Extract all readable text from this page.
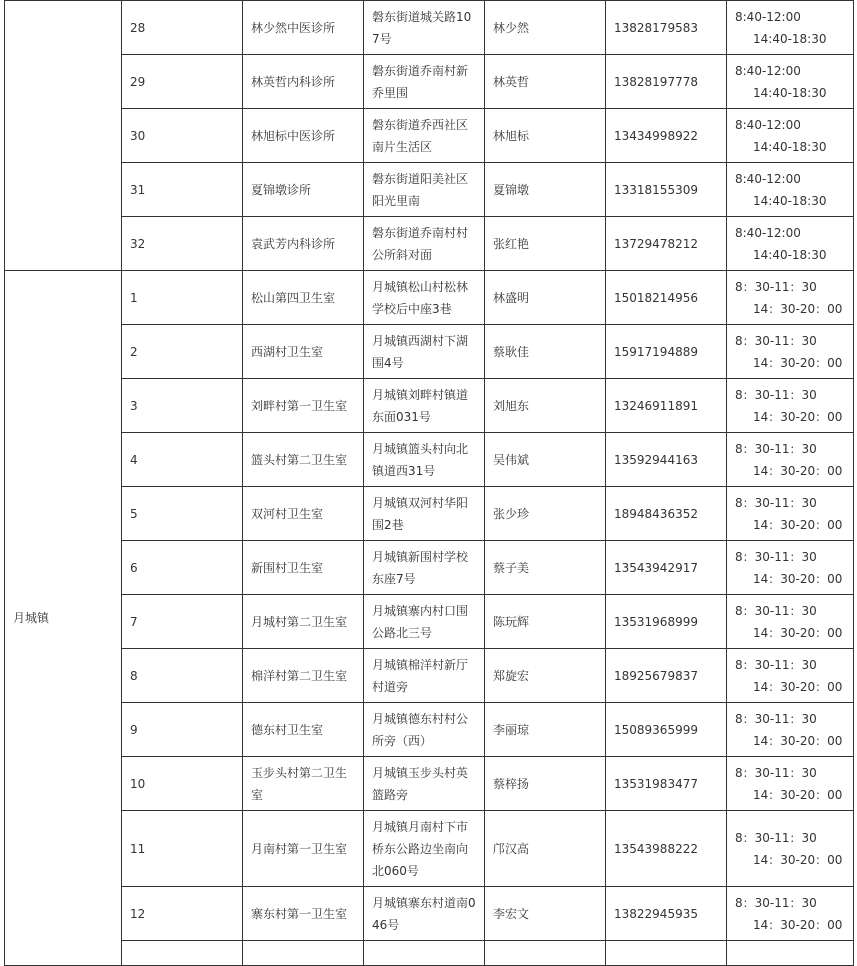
	28	林少然中医诊所	磐东街道城关路107号	林少然	13828179583	8:40-12:00
14:40-18:30

	29	林英哲内科诊所	磐东街道乔南村新乔里围	林英哲	13828197778	8:40-12:00
14:40-18:30

	30	林旭标中医诊所	磐东街道乔西社区南片生活区	林旭标	13434998922	8:40-12:00
14:40-18:30

	31	夏锦墩诊所	磐东街道阳美社区阳光里南	夏锦墩	13318155309	8:40-12:00
14:40-18:30

	32	袁武芳内科诊所	磐东街道乔南村村公所斜对面	张红艳	13729478212	8:40-12:00
14:40-18:30

月城镇	1	松山第四卫生室	月城镇松山村松林学校后中座3巷	林盛明	15018214956	8：30-11：30
14：30-20：00

	2	西湖村卫生室	月城镇西湖村下湖围4号	蔡耿佳	15917194889	8：30-11：30
14：30-20：00

	3	刘畔村第一卫生室	月城镇刘畔村镇道东面031号	刘旭东	13246911891	8：30-11：30
14：30-20：00

	4	篮头村第二卫生室	月城镇篮头村向北镇道西31号	吴伟斌	13592944163	8：30-11：30
14：30-20：00

	5	双河村卫生室	月城镇双河村华阳围2巷	张少珍	18948436352	8：30-11：30
14：30-20：00

	6	新围村卫生室	月城镇新围村学校东座7号	蔡子美	13543942917	8：30-11：30
14：30-20：00

	7	月城村第二卫生室	月城镇寨内村口围公路北三号	陈玩辉	13531968999	8：30-11：30
14：30-20：00

	8	棉洋村第二卫生室	月城镇棉洋村新厅村道旁	郑旋宏	18925679837	8：30-11：30
14：30-20：00

	9	德东村卫生室	月城镇德东村村公所旁（西）	李丽琼	15089365999	8：30-11：30
14：30-20：00

	10	玉步头村第二卫生室	月城镇玉步头村英篮路旁	蔡梓扬	13531983477	8：30-11：30
14：30-20：00

	11	月南村第一卫生室	月城镇月南村下市桥东公路边坐南向北060号	邝汉高	13543988222	8：30-11：30
14：30-20：00

	12	寨东村第一卫生室	月城镇寨东村道南046号	李宏文	13822945935	8：30-11：30
14：30-20：00
